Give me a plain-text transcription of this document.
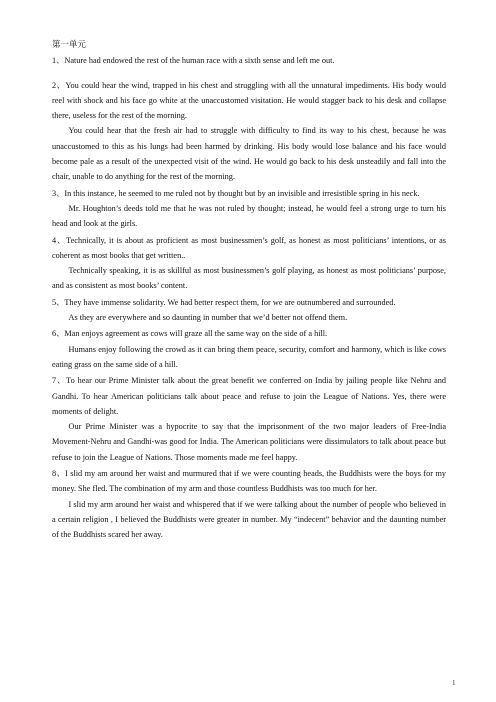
第一单元

1、Nature had endowed the rest of the human race with a sixth sense and left me out.

2、You could hear the wind, trapped in his chest and struggling with all the unnatural impediments. His body would reel with shock and his face go white at the unaccustomed visitation. He would stagger back to his desk and collapse there, useless for the rest of the morning.

You could hear that the fresh air had to struggle with difficulty to find its way to his chest, because he was unaccustomed to this as his lungs had been harmed by drinking. His body would lose balance and his face would become pale as a result of the unexpected visit of the wind. He would go back to his desk unsteadily and fall into the chair, unable to do anything for the rest of the morning.

3、In this instance, he seemed to me ruled not by thought but by an invisible and irresistible spring in his neck.

Mr. Houghton’s deeds told me that he was not ruled by thought; instead, he would feel a strong urge to turn his head and look at the girls.

4、Technically, it is about as proficient as most businessmen’s golf, as honest as most politicians’ intentions, or as coherent as most books that get written..

Technically speaking, it is as skillful as most businessmen’s golf playing, as honest as most politicians’ purpose, and as consistent as most books’ content.

5、They have immense solidarity. We had better respect them, for we are outnumbered and surrounded.

As they are everywhere and so daunting in number that we’d better not offend them.

6、Man enjoys agreement as cows will graze all the same way on the side of a hill.

Humans enjoy following the crowd as it can bring them peace, security, comfort and harmony, which is like cows eating grass on the same side of a hill.

7、To hear our Prime Minister talk about the great benefit we conferred on India by jailing people like Nehru and Gandhi. To hear American politicians talk about peace and refuse to join the League of Nations. Yes, there were moments of delight.

Our Prime Minister was a hypocrite to say that the imprisonment of the two major leaders of Free-India Movement-Nehru and Gandhi-was good for India. The American politicians were dissimulators to talk about peace but refuse to join the League of Nations. Those moments made me feel happy.

8、I slid my am around her waist and murmured that if we were counting heads, the Buddhists were the boys for my money. She fled. The combination of my arm and those countless Buddhists was too much for her.

I slid my arm around her waist and whispered that if we were talking about the number of people who believed in a certain religion , I believed the Buddhists were greater in number. My “indecent” behavior and the daunting number of the Buddhists scared her away.

1
